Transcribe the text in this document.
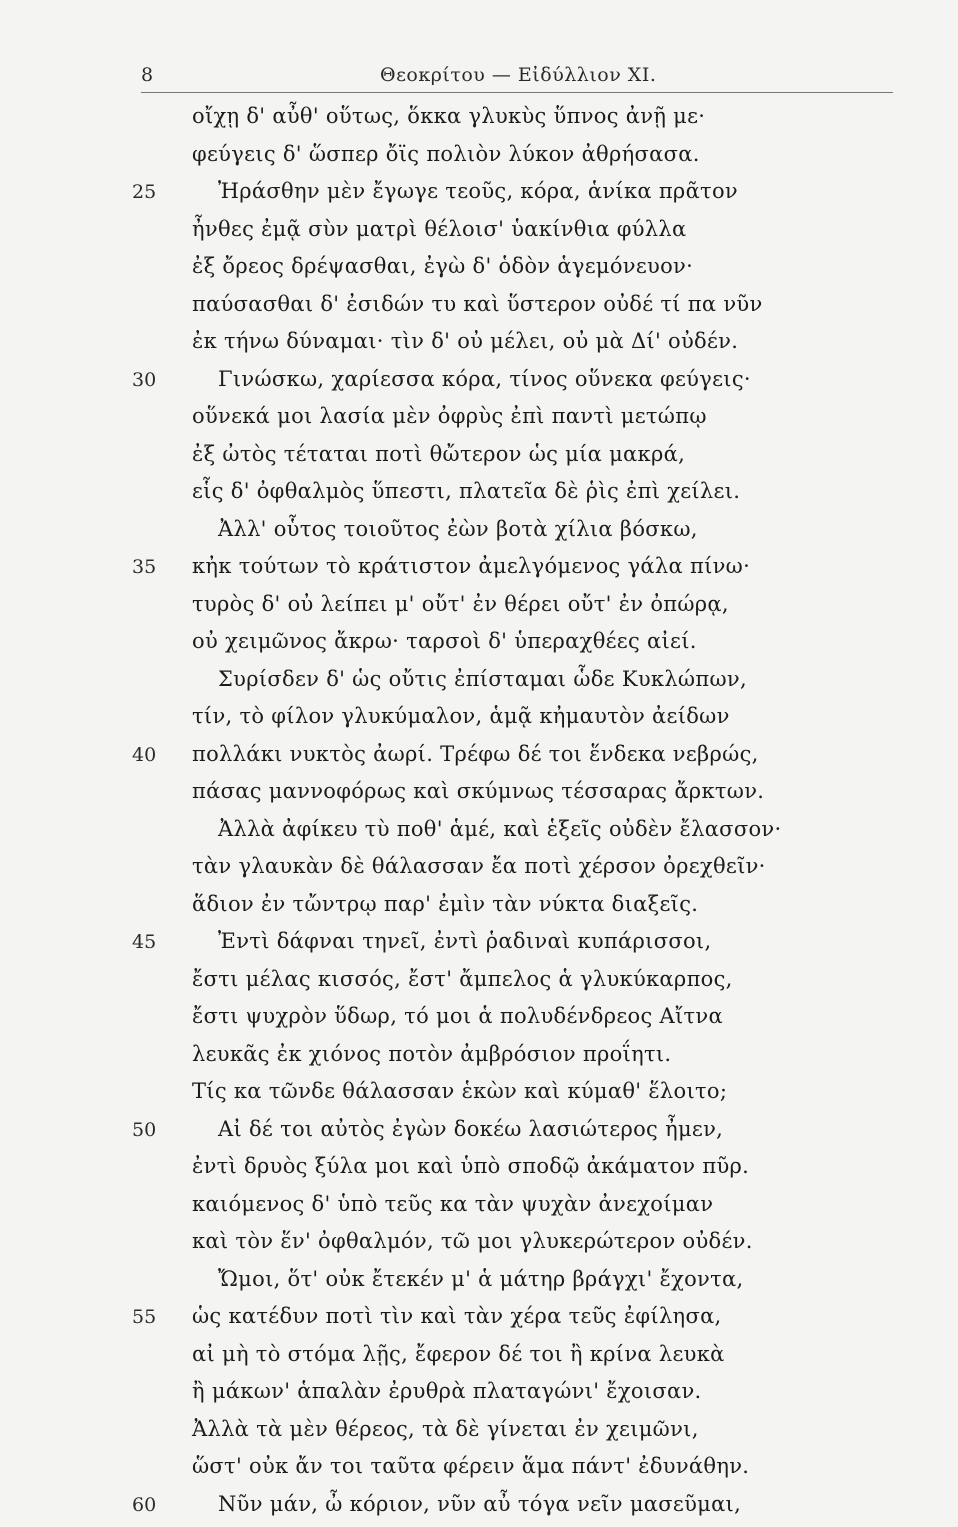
8	Θεοκρίτου — Εἰδύλλιον XI.
οἴχῃ δ' αὖθ' οὕτως, ὅκκα γλυκὺς ὕπνος ἀνῇ με·
φεύγεις δ' ὥσπερ ὄϊς πολιὸν λύκον ἀθρήσασα.
25	Ἠράσθην μὲν ἔγωγε τεοῦς, κόρα, ἁνίκα πρᾶτον
ἦνθες ἐμᾷ σὺν ματρὶ θέλοισ' ὑακίνθια φύλλα
ἐξ ὄρεος δρέψασθαι, ἐγὼ δ' ὁδὸν ἁγεμόνευον·
παύσασθαι δ' ἐσιδών τυ καὶ ὕστερον οὐδέ τί πα νῦν
ἐκ τήνω δύναμαι· τὶν δ' οὐ μέλει, οὐ μὰ Δί' οὐδέν.
30	Γινώσκω, χαρίεσσα κόρα, τίνος οὕνεκα φεύγεις·
οὕνεκά μοι λασία μὲν ὀφρὺς ἐπὶ παντὶ μετώπῳ
ἐξ ὠτὸς τέταται ποτὶ θὤτερον ὡς μία μακρά,
εἷς δ' ὀφθαλμὸς ὕπεστι, πλατεῖα δὲ ῥὶς ἐπὶ χείλει.
Ἀλλ' οὗτος τοιοῦτος ἐὼν βοτὰ χίλια βόσκω,
35	κἠκ τούτων τὸ κράτιστον ἀμελγόμενος γάλα πίνω·
τυρὸς δ' οὐ λείπει μ' οὔτ' ἐν θέρει οὔτ' ἐν ὀπώρᾳ,
οὐ χειμῶνος ἄκρω· ταρσοὶ δ' ὑπεραχθέες αἰεί.
Συρίσδεν δ' ὡς οὔτις ἐπίσταμαι ὧδε Κυκλώπων,
τίν, τὸ φίλον γλυκύμαλον, ἁμᾷ κἠμαυτὸν ἀείδων
40	πολλάκι νυκτὸς ἀωρί. Τρέφω δέ τοι ἕνδεκα νεβρώς,
πάσας μαννοφόρως καὶ σκύμνως τέσσαρας ἄρκτων.
Ἀλλὰ ἀφίκευ τὺ ποθ' ἁμέ, καὶ ἑξεῖς οὐδὲν ἔλασσον·
τὰν γλαυκὰν δὲ θάλασσαν ἔα ποτὶ χέρσον ὀρεχθεῖν·
ἅδιον ἐν τὤντρῳ παρ' ἐμὶν τὰν νύκτα διαξεῖς.
45	Ἐντὶ δάφναι τηνεῖ, ἐντὶ ῥαδιναὶ κυπάρισσοι,
ἔστι μέλας κισσός, ἔστ' ἄμπελος ἁ γλυκύκαρπος,
ἔστι ψυχρὸν ὕδωρ, τό μοι ἁ πολυδένδρεος Αἴτνα
λευκᾶς ἐκ χιόνος ποτὸν ἀμβρόσιον προΐητι.
Τίς κα τῶνδε θάλασσαν ἑκὼν καὶ κύμαθ' ἕλοιτο;
50	Αἰ δέ τοι αὐτὸς ἐγὼν δοκέω λασιώτερος ἦμεν,
ἐντὶ δρυὸς ξύλα μοι καὶ ὑπὸ σποδῷ ἀκάματον πῦρ.
καιόμενος δ' ὑπὸ τεῦς κα τὰν ψυχὰν ἀνεχοίμαν
καὶ τὸν ἕν' ὀφθαλμόν, τῶ μοι γλυκερώτερον οὐδέν.
Ὤμοι, ὅτ' οὐκ ἔτεκέν μ' ἁ μάτηρ βράγχι' ἔχοντα,
55	ὡς κατέδυν ποτὶ τὶν καὶ τὰν χέρα τεῦς ἐφίλησα,
αἰ μὴ τὸ στόμα λῇς, ἔφερον δέ τοι ἢ κρίνα λευκὰ
ἢ μάκων' ἁπαλὰν ἐρυθρὰ πλαταγώνι' ἔχοισαν.
Ἀλλὰ τὰ μὲν θέρεος, τὰ δὲ γίνεται ἐν χειμῶνι,
ὥστ' οὐκ ἄν τοι ταῦτα φέρειν ἅμα πάντ' ἐδυνάθην.
60	Νῦν μάν, ὦ κόριον, νῦν αὖ τόγα νεῖν μασεῦμαι,
